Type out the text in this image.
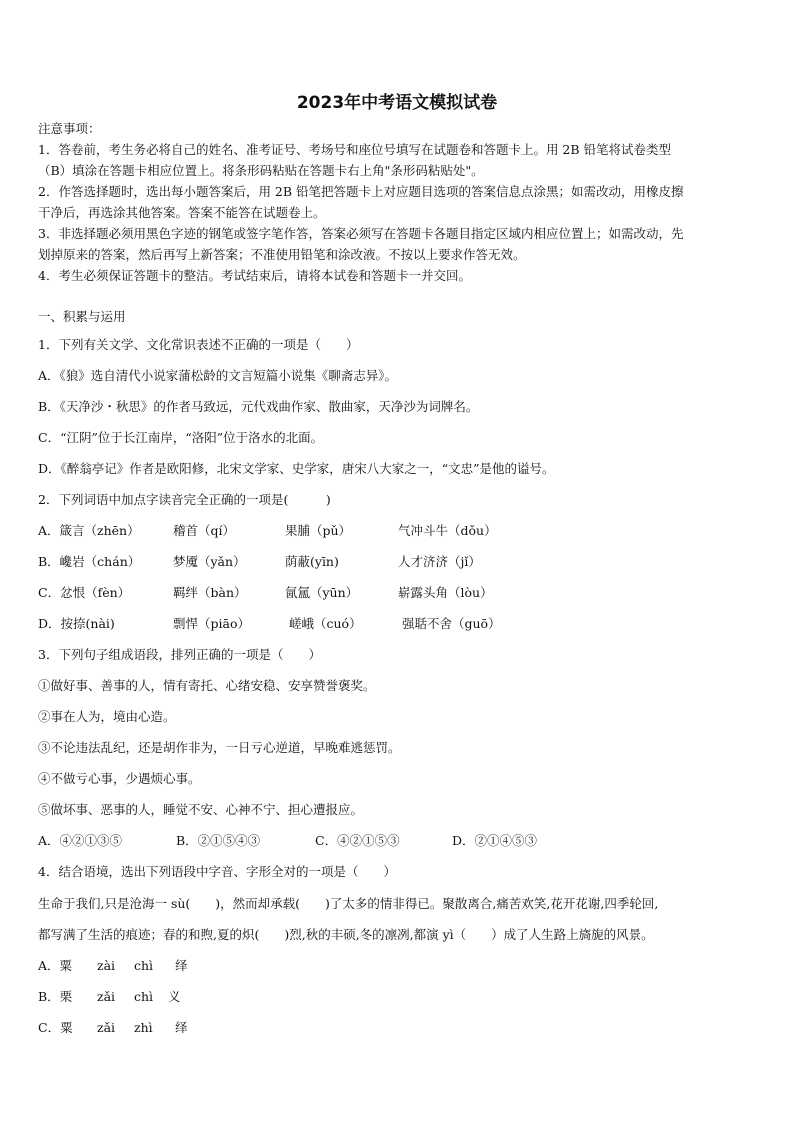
2023年中考语文模拟试卷
注意事项：
1．答卷前，考生务必将自己的姓名、准考证号、考场号和座位号填写在试题卷和答题卡上。用 2B 铅笔将试卷类型
（B）填涂在答题卡相应位置上。将条形码粘贴在答题卡右上角"条形码粘贴处"。
2．作答选择题时，选出每小题答案后，用 2B 铅笔把答题卡上对应题目选项的答案信息点涂黑；如需改动，用橡皮擦
干净后，再选涂其他答案。答案不能答在试题卷上。
3．非选择题必须用黑色字迹的钢笔或签字笔作答，答案必须写在答题卡各题目指定区域内相应位置上；如需改动，先
划掉原来的答案，然后再写上新答案；不准使用铅笔和涂改液。不按以上要求作答无效。
4．考生必须保证答题卡的整洁。考试结束后，请将本试卷和答题卡一并交回。
一、积累与运用
1．下列有关文学、文化常识表述不正确的一项是（　　）
A．《狼》选自清代小说家蒲松龄的文言短篇小说集《聊斋志异》。
B．《天净沙・秋思》的作者马致远，元代戏曲作家、散曲家，天净沙为词牌名。
C．“江阴”位于长江南岸，“洛阳”位于洛水的北面。
D．《醉翁亭记》作者是欧阳修，北宋文学家、史学家，唐宋八大家之一，“文忠”是他的谥号。
2．下列词语中加点字读音完全正确的一项是(　　　)
A．箴言（zhēn）	稽首（qí）	果脯（pǔ）	气冲斗牛（dǒu）
B．巉岩（chán）	梦魇（yǎn）	荫蔽(yīn)	人才济济（jǐ）
C．忿恨（fèn）	羁绊（bàn）	氤氲（yūn）	崭露头角（lòu）
D．按捺(nài)	剽悍（piāo）	嵯峨（cuó）	强聒不舍（guō）
3．下列句子组成语段，排列正确的一项是（　　）
①做好事、善事的人，情有寄托、心绪安稳、安享赞誉褒奖。
②事在人为，境由心造。
③不论违法乱纪，还是胡作非为，一日亏心逆道，早晚难逃惩罚。
④不做亏心事，少遇烦心事。
⑤做坏事、恶事的人，睡觉不安、心神不宁、担心遭报应。
A．④②①③⑤	B．②①⑤④③	C．④②①⑤③	D．②①④⑤③
4．结合语境，选出下列语段中字音、字形全对的一项是（　　）
生命于我们,只是沧海一 sù(　　)，然而却承载(　　)了太多的情非得已。聚散离合,痛苦欢笑,花开花谢,四季轮回,
都写满了生活的痕迹；春的和煦,夏的炽(　　)烈,秋的丰硕,冬的凛冽,都演 yì（　　）成了人生路上旖旎的风景。
A．粟 zài chì 绎
B．栗 zǎi chì 义
C．粟 zǎi zhì 绎
